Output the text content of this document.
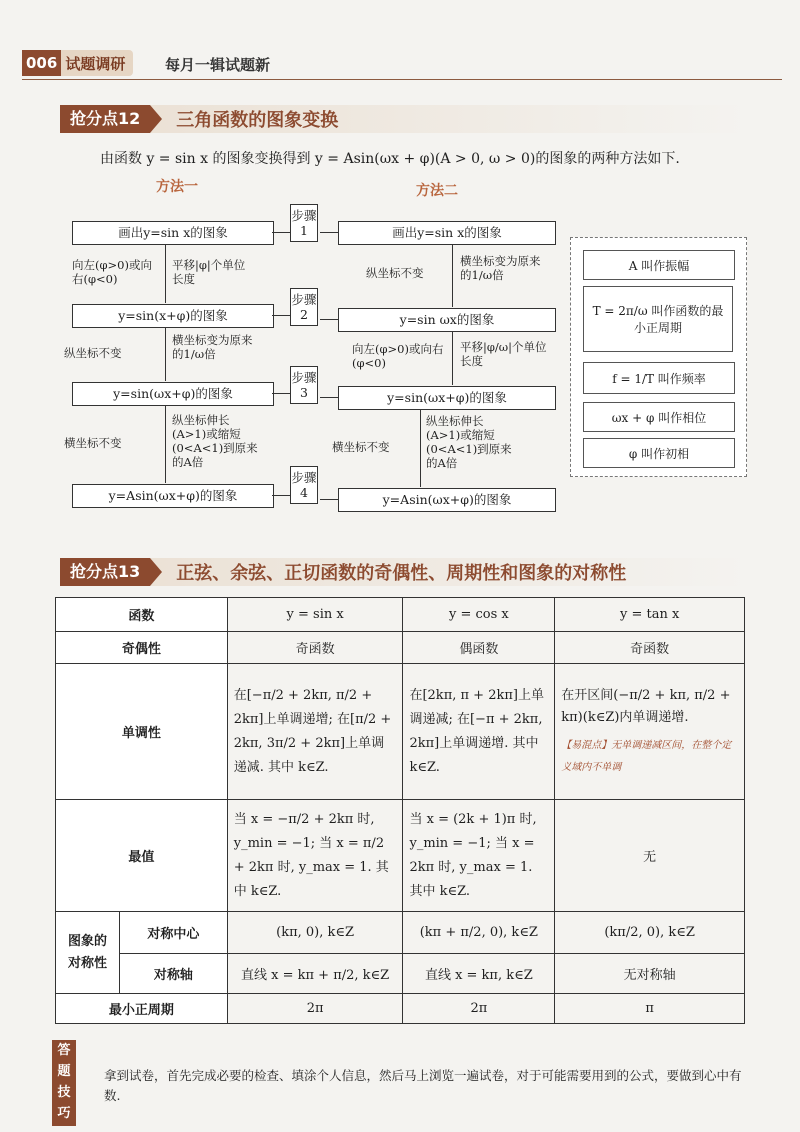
006 试题调研	每月一辑试题新
抢分点12	三角函数的图象变换
由函数 y = sin x 的图象变换得到 y = Asin(ωx + φ)(A > 0, ω > 0)的图象的两种方法如下.
方法一	方法二
画出y=sin x的图象
y=sin(x+φ)的图象
y=sin(ωx+φ)的图象
y=Asin(ωx+φ)的图象
向左(φ>0)或向右(φ<0)
平移|φ|个单位长度
纵坐标不变
横坐标变为原来的1/ω倍
横坐标不变
纵坐标伸长(A>1)或缩短(0<A<1)到原来的A倍
步骤1
步骤2
步骤3
步骤4
画出y=sin x的图象
y=sin ωx的图象
y=sin(ωx+φ)的图象
y=Asin(ωx+φ)的图象
纵坐标不变
横坐标变为原来的1/ω倍
向左(φ>0)或向右(φ<0)
平移|φ/ω|个单位长度
横坐标不变
纵坐标伸长(A>1)或缩短(0<A<1)到原来的A倍
A 叫作振幅
T = 2π/ω 叫作函数的最小正周期
f = 1/T 叫作频率
ωx + φ 叫作相位
φ 叫作初相
抢分点13	正弦、余弦、正切函数的奇偶性、周期性和图象的对称性
函数		y = sin x	y = cos x	y = tan x
奇偶性		奇函数	偶函数	奇函数
单调性		在[−π/2 + 2kπ, π/2 + 2kπ]上单调递增; 在[π/2 + 2kπ, 3π/2 + 2kπ]上单调递减. 其中 k∈Z.	在[2kπ, π + 2kπ]上单调递减; 在[−π + 2kπ, 2kπ]上单调递增. 其中 k∈Z.	在开区间(−π/2 + kπ, π/2 + kπ)(k∈Z)内单调递增.
【易混点】无单调递减区间，在整个定义域内不单调

最值		当 x = −π/2 + 2kπ 时, y_min = −1; 当 x = π/2 + 2kπ 时, y_max = 1. 其中 k∈Z.	当 x = (2k + 1)π 时, y_min = −1; 当 x = 2kπ 时, y_max = 1. 其中 k∈Z.	无
图象的对称性	对称中心	(kπ, 0), k∈Z	(kπ + π/2, 0), k∈Z	(kπ/2, 0), k∈Z
	对称轴	直线 x = kπ + π/2, k∈Z	直线 x = kπ, k∈Z	无对称轴
最小正周期		2π	2π	π
答题技巧
拿到试卷，首先完成必要的检查、填涂个人信息，然后马上浏览一遍试卷，对于可能需要用到的公式，要做到心中有数.
